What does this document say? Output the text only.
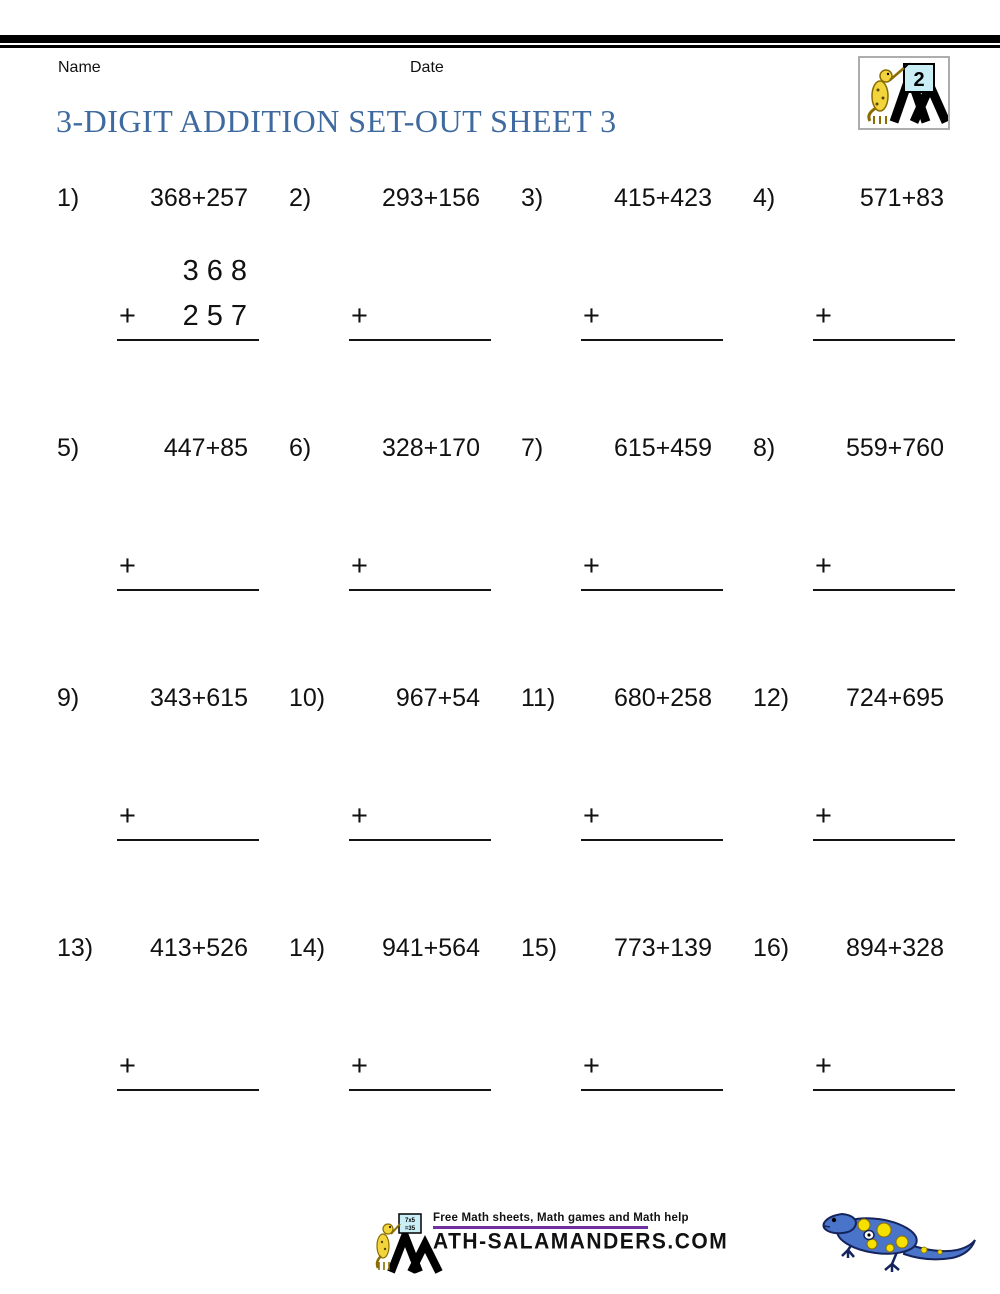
Name	Date
2
3-DIGIT ADDITION SET-OUT SHEET 3
1)	368+257
368
+ 257
2)	293+156
+
3)	415+423
+
4)	571+83
+
5)	447+85
+
6)	328+170
+
7)	615+459
+
8)	559+760
+
9)	343+615
+
10)	967+54
+
11) 680+258
+
12) 724+695
+
13) 413+526
+
14) 941+564
+
15) 773+139
+
16) 894+328
+
7x5
=35
Free Math sheets, Math games and Math help
ATH-SALAMANDERS.COM
